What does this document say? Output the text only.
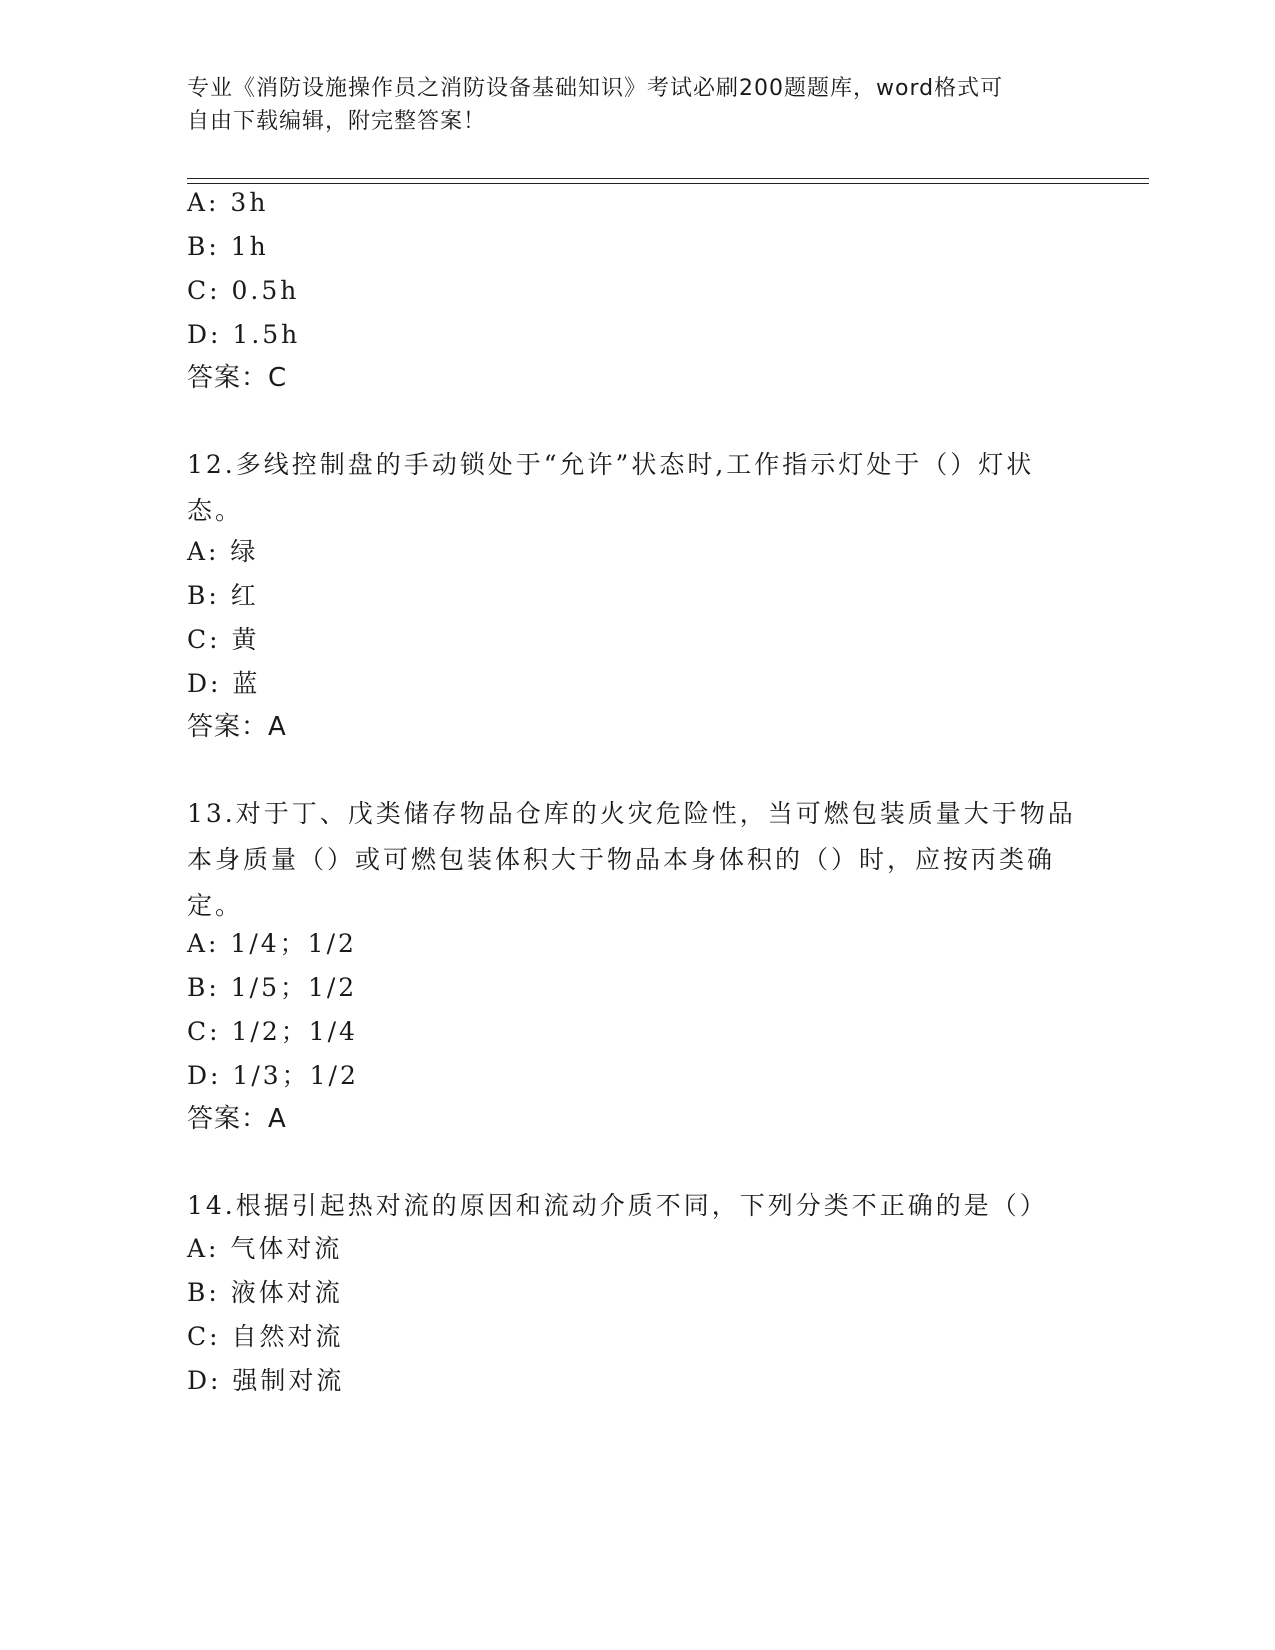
专业《消防设施操作员之消防设备基础知识》考试必刷200题题库，word格式可
自由下载编辑，附完整答案！
A: 3h
B: 1h
C: 0.5h
D: 1.5h
答案：C
12.多线控制盘的手动锁处于“允许”状态时,工作指示灯处于（）灯状态。
A: 绿
B: 红
C: 黄
D: 蓝
答案：A
13.对于丁、戊类储存物品仓库的火灾危险性，当可燃包装质量大于物品本身质量（）或可燃包装体积大于物品本身体积的（）时，应按丙类确定。
A: 1/4；1/2
B: 1/5；1/2
C: 1/2；1/4
D: 1/3；1/2
答案：A
14.根据引起热对流的原因和流动介质不同，下列分类不正确的是（）
A: 气体对流
B: 液体对流
C: 自然对流
D: 强制对流
